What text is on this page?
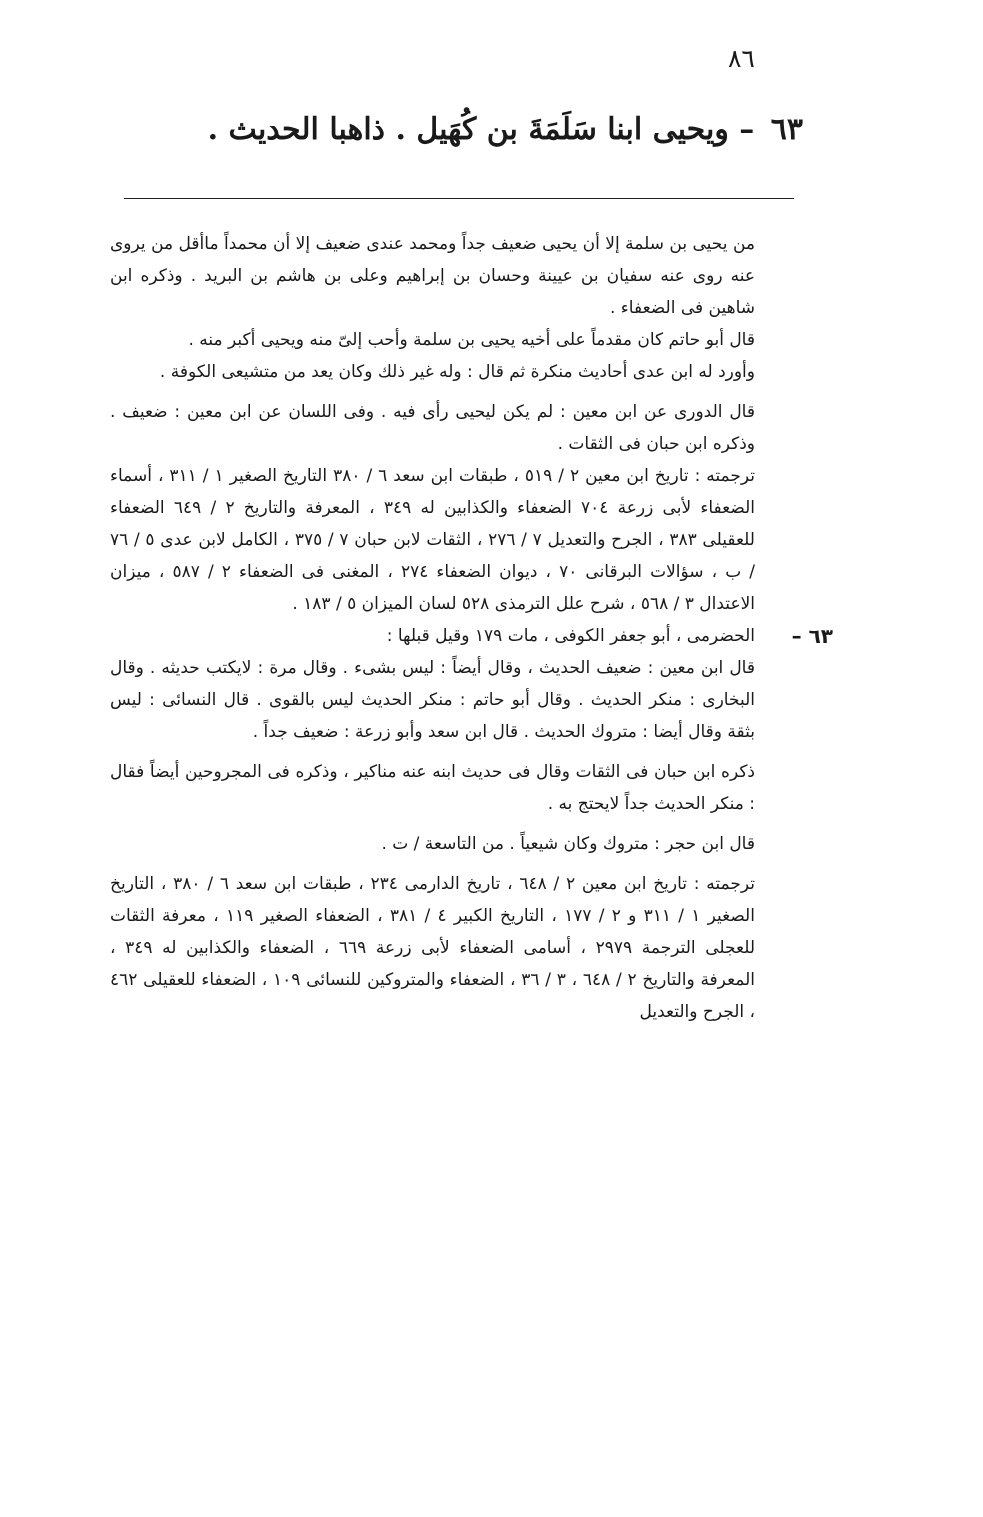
٨٦
٦٣ – ويحيى ابنا سَلَمَةَ بن كُهَيل . ذاهبا الحديث .

من يحيى بن سلمة إلا أن يحيى ضعيف جداً ومحمد عندى ضعيف إلا أن محمداً ماأقل من يروى عنه روى عنه سفيان بن عيينة وحسان بن إبراهيم وعلى بن هاشم بن البريد . وذكره ابن شاهين فى الضعفاء .

قال أبو حاتم كان مقدماً على أخيه يحيى بن سلمة وأحب إلىّ منه ويحيى أكبر منه .

وأورد له ابن عدى أحاديث منكرة ثم قال : وله غير ذلك وكان يعد من متشيعى الكوفة .

قال الدورى عن ابن معين : لم يكن ليحيى رأى فيه . وفى اللسان عن ابن معين : ضعيف . وذكره ابن حبان فى الثقات .

ترجمته : تاريخ ابن معين ٢ / ٥١٩ ، طبقات ابن سعد ٦ / ٣٨٠ التاريخ الصغير ١ / ٣١١ ، أسماء الضعفاء لأبى زرعة ٧٠٤ الضعفاء والكذابين له ٣٤٩ ، المعرفة والتاريخ ٢ / ٦٤٩ الضعفاء للعقيلى ٣٨٣ ، الجرح والتعديل ٧ / ٢٧٦ ، الثقات لابن حبان ٧ / ٣٧٥ ، الكامل لابن عدى ٥ / ٧٦ / ب ، سؤالات البرقانى ٧٠ ، ديوان الضعفاء ٢٧٤ ، المغنى فى الضعفاء ٢ / ٥٨٧ ، ميزان الاعتدال ٣ / ٥٦٨ ، شرح علل الترمذى ٥٢٨ لسان الميزان ٥ / ١٨٣ .

٦٣ –
الحضرمى ، أبو جعفر الكوفى ، مات ١٧٩ وقيل قبلها :

قال ابن معين : ضعيف الحديث ، وقال أيضاً : ليس بشىء . وقال مرة : لايكتب حديثه . وقال البخارى : منكر الحديث . وقال أبو حاتم : منكر الحديث ليس بالقوى . قال النسائى : ليس بثقة وقال أيضا : متروك الحديث . قال ابن سعد وأبو زرعة : ضعيف جداً .

ذكره ابن حبان فى الثقات وقال فى حديث ابنه عنه مناكير ، وذكره فى المجروحين أيضاً فقال : منكر الحديث جداً لايحتج به .

قال ابن حجر : متروك وكان شيعياً . من التاسعة / ت .

ترجمته : تاريخ ابن معين ٢ / ٦٤٨ ، تاريخ الدارمى ٢٣٤ ، طبقات ابن سعد ٦ / ٣٨٠ ، التاريخ الصغير ١ / ٣١١ و ٢ / ١٧٧ ، التاريخ الكبير ٤ / ٣٨١ ، الضعفاء الصغير ١١٩ ، معرفة الثقات للعجلى الترجمة ٢٩٧٩ ، أسامى الضعفاء لأبى زرعة ٦٦٩ ، الضعفاء والكذابين له ٣٤٩ ، المعرفة والتاريخ ٢ / ٦٤٨ ، ٣ / ٣٦ ، الضعفاء والمتروكين للنسائى ١٠٩ ، الضعفاء للعقيلى ٤٦٢ ، الجرح والتعديل
